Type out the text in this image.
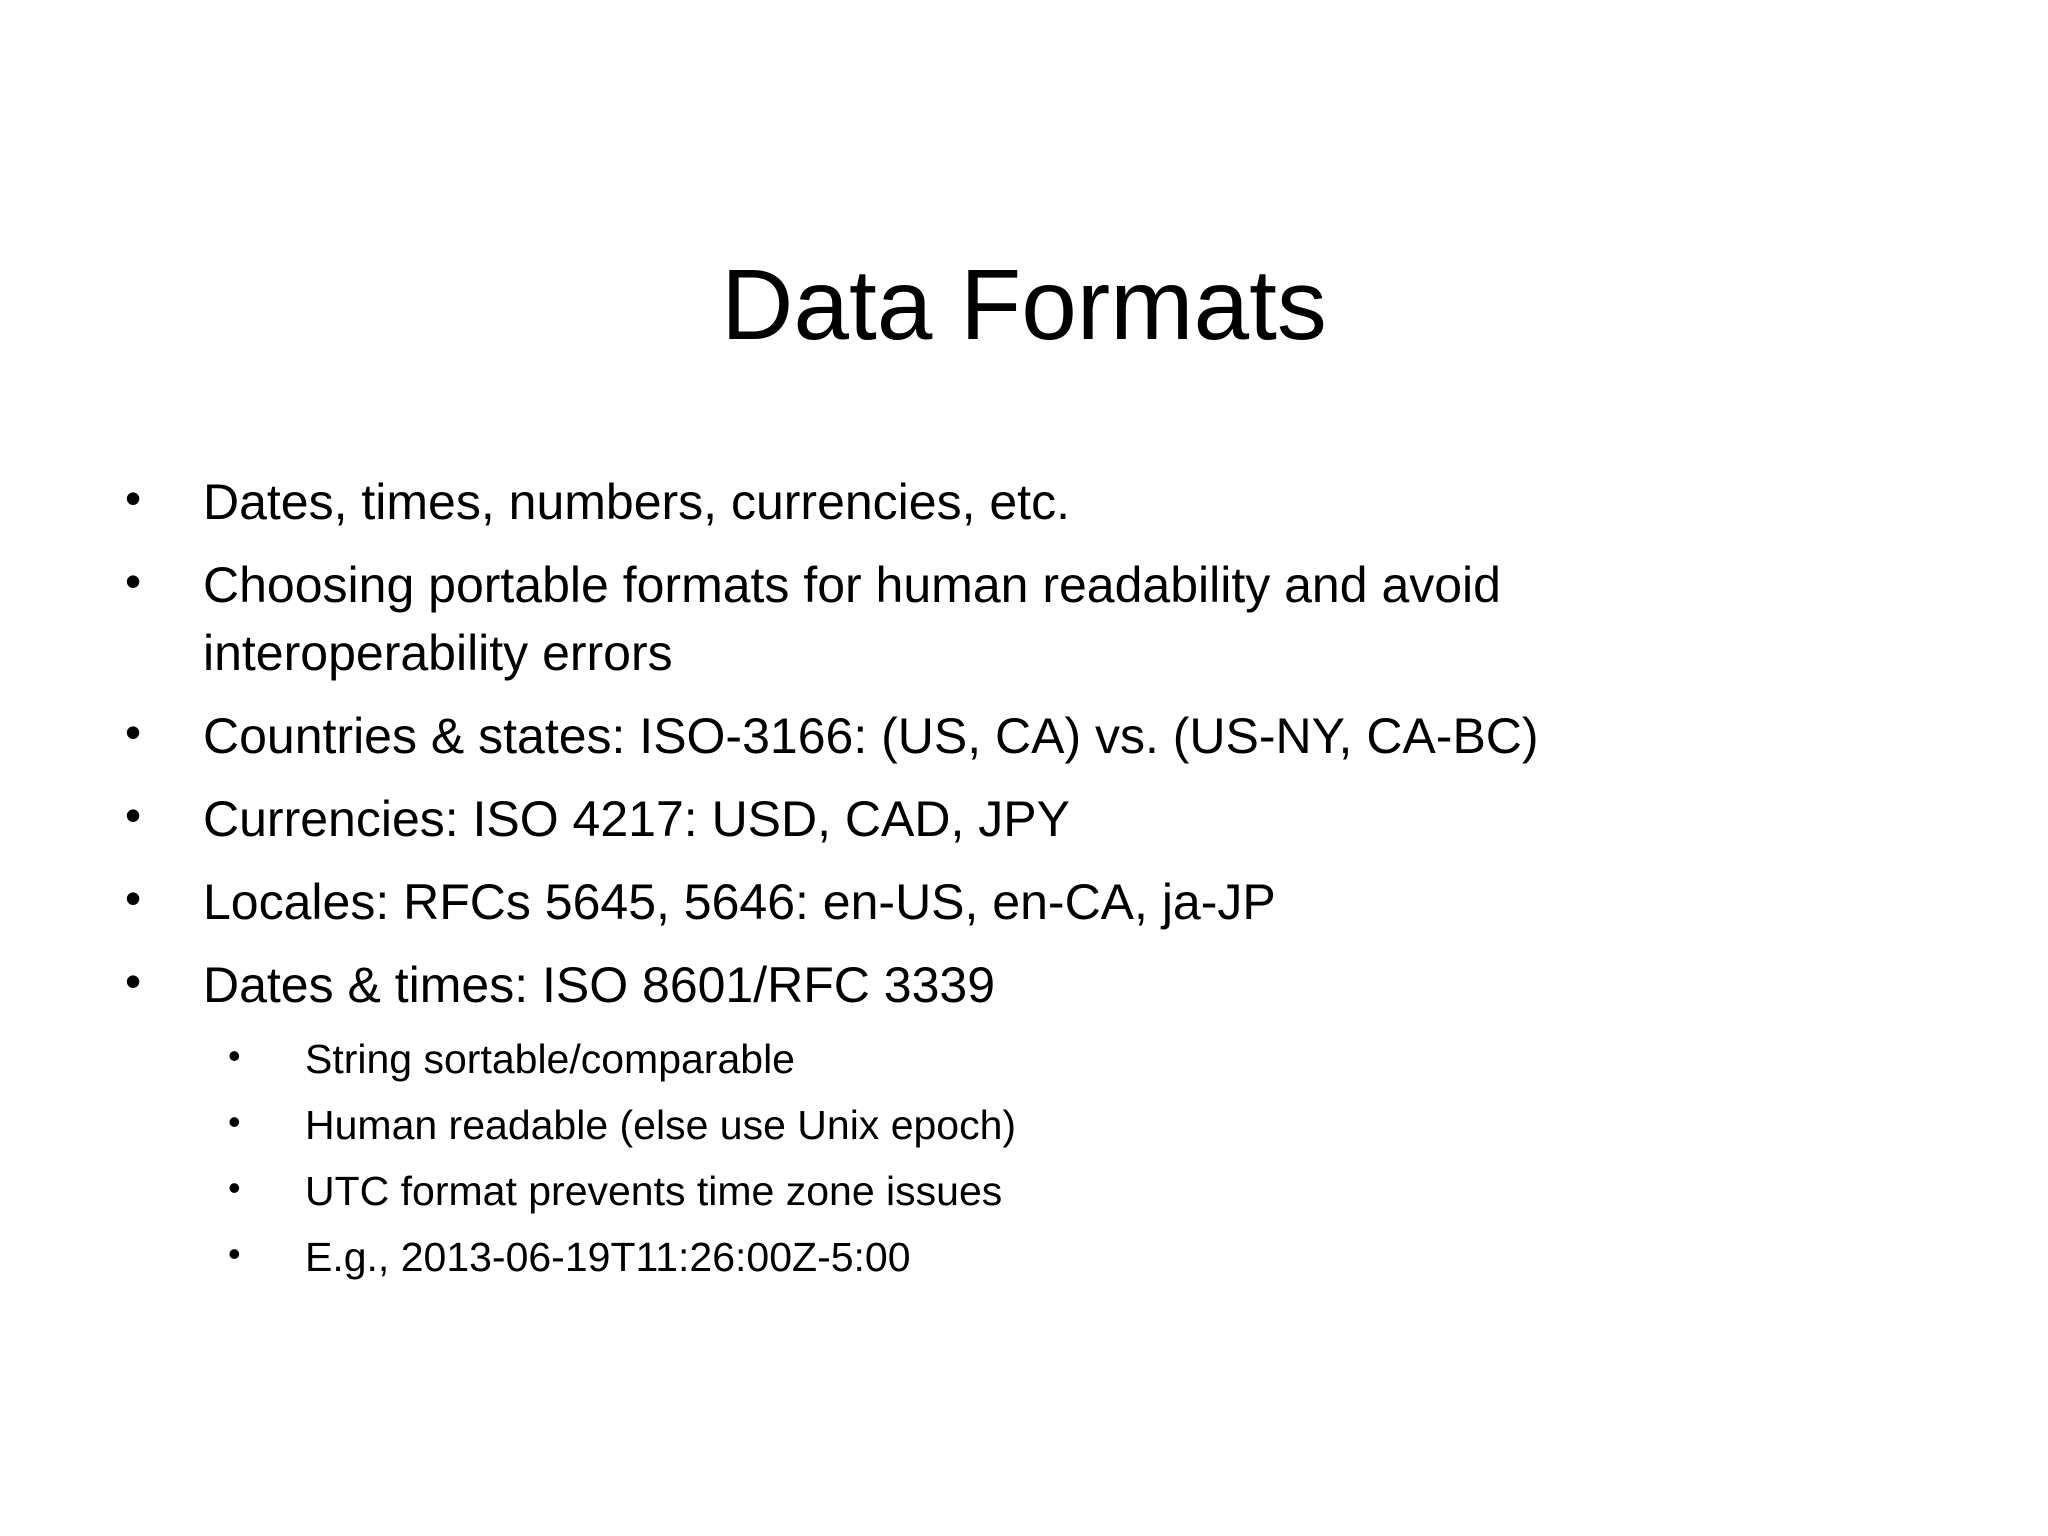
Data Formats
• Dates, times, numbers, currencies, etc.
• Choosing portable formats for human readability and avoid interoperability errors
• Countries & states: ISO-3166: (US, CA) vs. (US-NY, CA-BC)
• Currencies: ISO 4217: USD, CAD, JPY
• Locales: RFCs 5645, 5646: en-US, en-CA, ja-JP
• Dates & times: ISO 8601/RFC 3339
• String sortable/comparable
• Human readable (else use Unix epoch)
• UTC format prevents time zone issues
• E.g., 2013-06-19T11:26:00Z-5:00
